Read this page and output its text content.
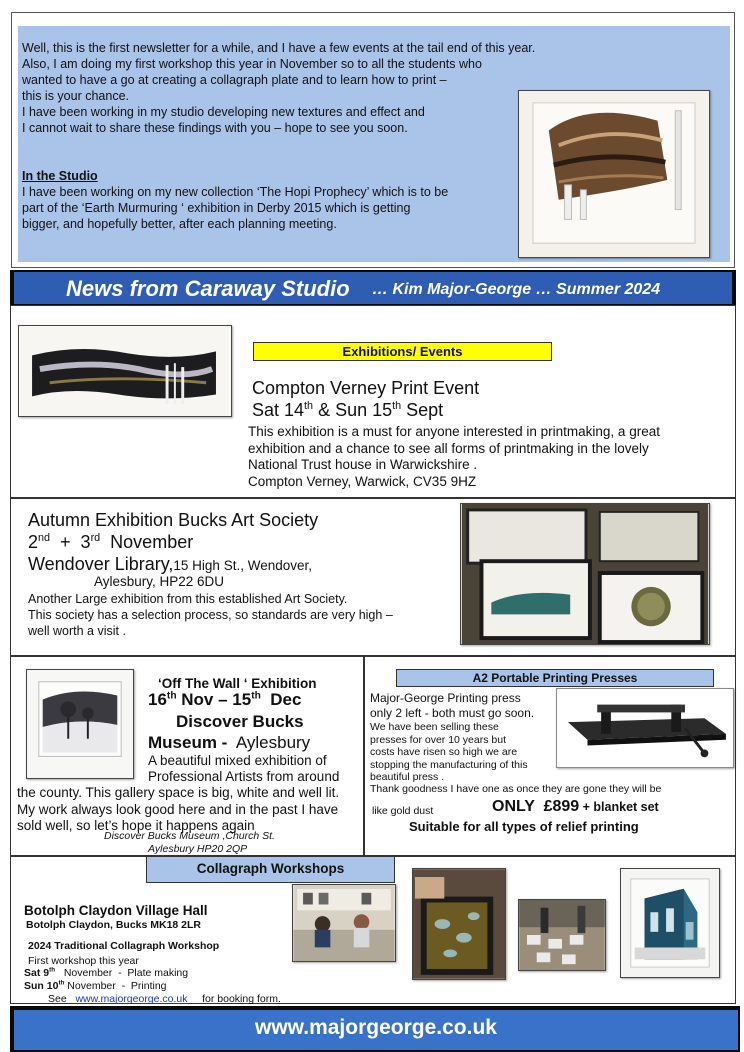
Well, this is the first newsletter for a while, and I have a few events at the tail end of this year.
Also, I am doing my first workshop this year in November so to all the students who
wanted to have a go at creating a collagraph plate and to learn how to print –
this is your chance.
I have been working in my studio developing new textures and effect and
I cannot wait to share these findings with you – hope to see you soon.
In the Studio
I have been working on my new collection ‘The Hopi Prophecy’ which is to be
part of the ‘Earth Murmuring ‘ exhibition in Derby 2015 which is getting
bigger, and hopefully better, after each planning meeting.
News from Caraway Studio … Kim Major-George … Summer 2024
Exhibitions/ Events
Compton Verney Print Event
Sat 14th & Sun 15th Sept
This exhibition is a must for anyone interested in printmaking, a great
exhibition and a chance to see all forms of printmaking in the lovely
National Trust house in Warwickshire .
Compton Verney, Warwick, CV35 9HZ
Autumn Exhibition Bucks Art Society
2nd  +  3rd  November
Wendover Library,15 High St., Wendover,
Aylesbury, HP22 6DU
Another Large exhibition from this established Art Society.
This society has a selection process, so standards are very high –
well worth a visit .
‘Off The Wall ‘ Exhibition
16th Nov – 15th  Dec
Discover Bucks
Museum -  Aylesbury
A beautiful mixed exhibition of
Professional Artists from around
the county. This gallery space is big, white and well lit.
My work always look good here and in the past I have
sold well, so let’s hope it happens again
Discover Bucks Museum ,Church St.
Aylesbury HP20 2QP
A2 Portable Printing Presses
Major-George Printing press
only 2 left - both must go soon.
We have been selling these
presses for over 10 years but
costs have risen so high we are
stopping the manufacturing of this
beautiful press .
Thank goodness I have one as once they are gone they will be
like gold dust	ONLY  £899 + blanket set
Suitable for all types of relief printing
Collagraph Workshops
Botolph Claydon Village Hall
Botolph Claydon, Bucks MK18 2LR
2024 Traditional Collagraph Workshop
First workshop this year
Sat 9th   November  -  Plate making
Sun 10th November  -  Printing
See www.majorgeorge.co.uk for booking form.
www.majorgeorge.co.uk
